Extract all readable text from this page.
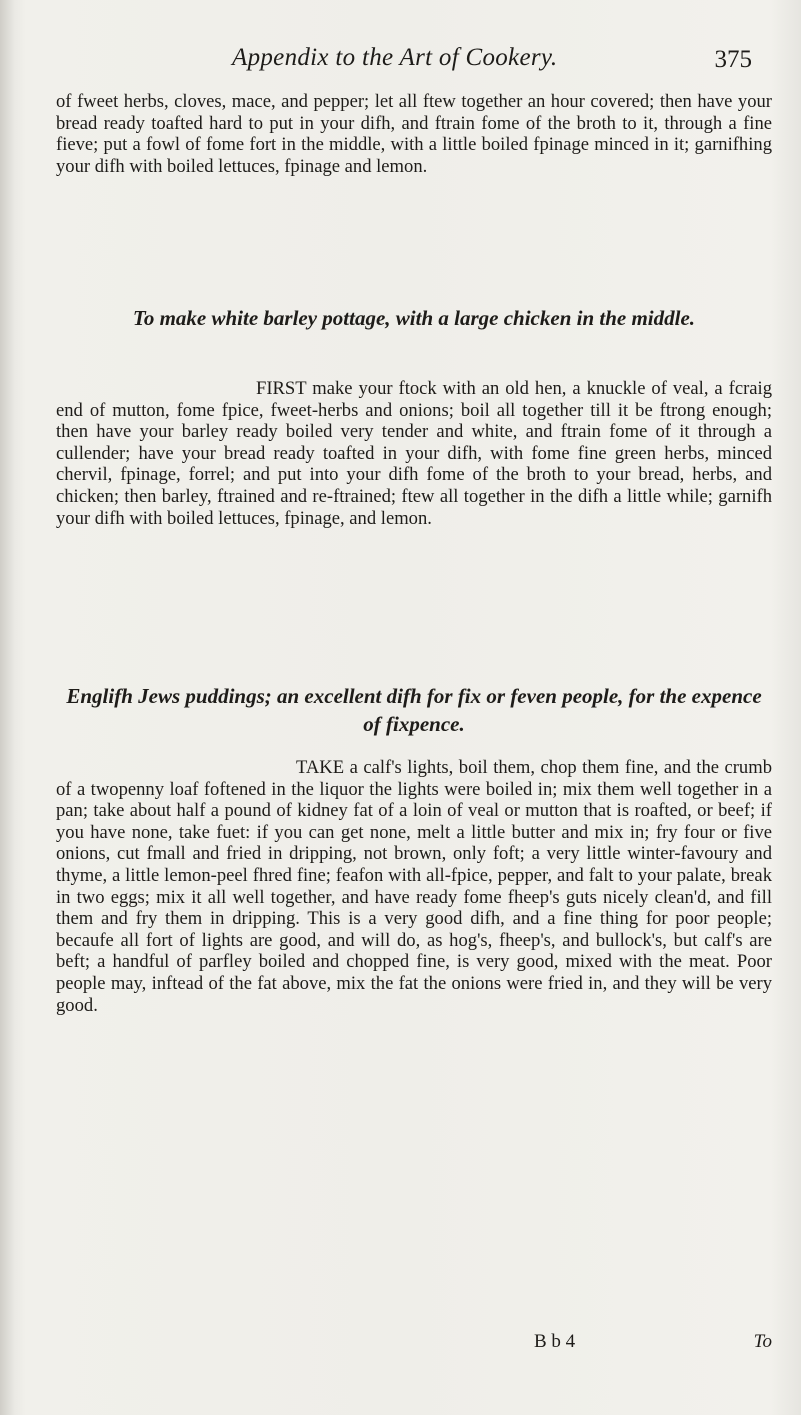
Appendix to the Art of Cookery.	375

of fweet herbs, cloves, mace, and pepper; let all ftew together an hour covered; then have your bread ready toafted hard to put in your difh, and ftrain fome of the broth to it, through a fine fieve; put a fowl of fome fort in the middle, with a little boiled fpinage minced in it; garnifhing your difh with boiled lettuces, fpinage and lemon.

To make white barley pottage, with a large chicken in the middle.

FIRST make your ftock with an old hen, a knuckle of veal, a fcraig end of mutton, fome fpice, fweet-herbs and onions; boil all together till it be ftrong enough; then have your barley ready boiled very tender and white, and ftrain fome of it through a cullender; have your bread ready toafted in your difh, with fome fine green herbs, minced chervil, fpinage, forrel; and put into your difh fome of the broth to your bread, herbs, and chicken; then barley, ftrained and re-ftrained; ftew all together in the difh a little while; garnifh your difh with boiled lettuces, fpinage, and lemon.

Englifh Jews puddings; an excellent difh for fix or feven people, for the expence of fixpence.

TAKE a calf's lights, boil them, chop them fine, and the crumb of a twopenny loaf foftened in the liquor the lights were boiled in; mix them well together in a pan; take about half a pound of kidney fat of a loin of veal or mutton that is roafted, or beef; if you have none, take fuet: if you can get none, melt a little butter and mix in; fry four or five onions, cut fmall and fried in dripping, not brown, only foft; a very little winter-favoury and thyme, a little lemon-peel fhred fine; feafon with all-fpice, pepper, and falt to your palate, break in two eggs; mix it all well together, and have ready fome fheep's guts nicely clean'd, and fill them and fry them in dripping. This is a very good difh, and a fine thing for poor people; becaufe all fort of lights are good, and will do, as hog's, fheep's, and bullock's, but calf's are beft; a handful of parfley boiled and chopped fine, is very good, mixed with the meat. Poor people may, inftead of the fat above, mix the fat the onions were fried in, and they will be very good.

B b 4	To
